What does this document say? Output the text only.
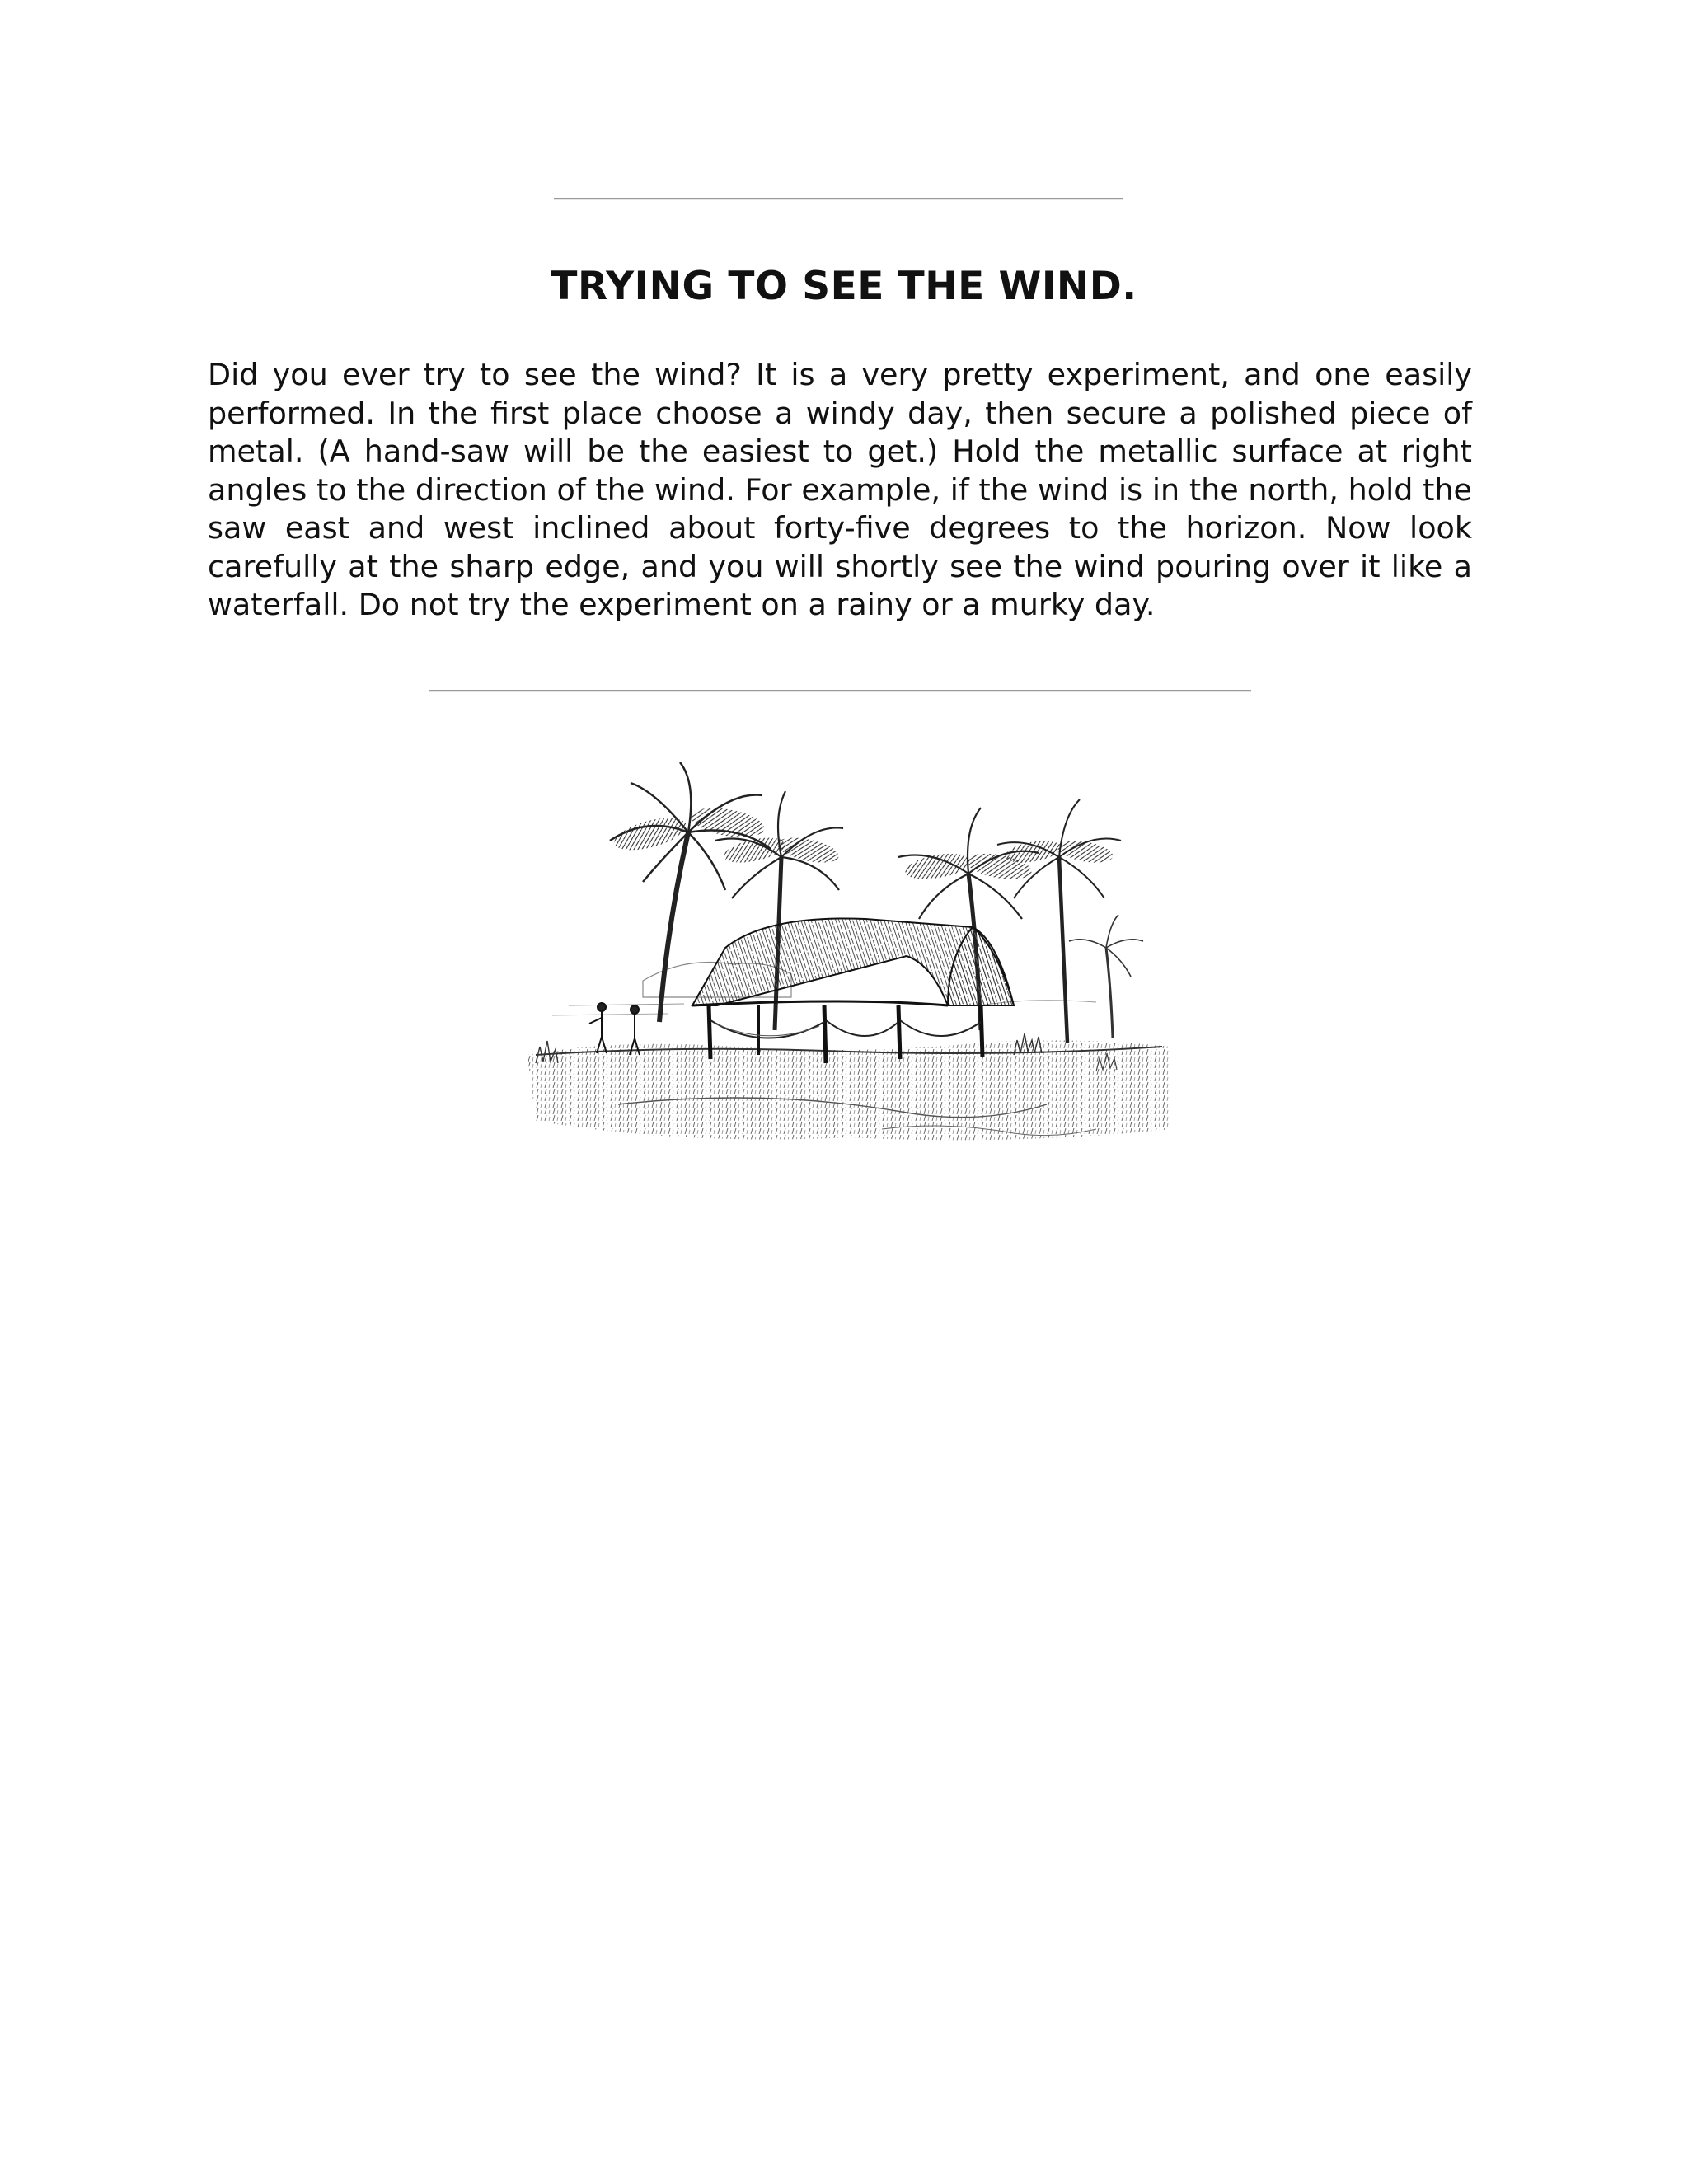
TRYING TO SEE THE WIND.

Did you ever try to see the wind? It is a very pretty experiment, and one easily performed. In the first place choose a windy day, then secure a polished piece of metal. (A hand-saw will be the easiest to get.) Hold the metallic surface at right angles to the direction of the wind. For example, if the wind is in the north, hold the saw east and west inclined about forty-five degrees to the horizon. Now look carefully at the sharp edge, and you will shortly see the wind pouring over it like a waterfall. Do not try the experiment on a rainy or a murky day.
